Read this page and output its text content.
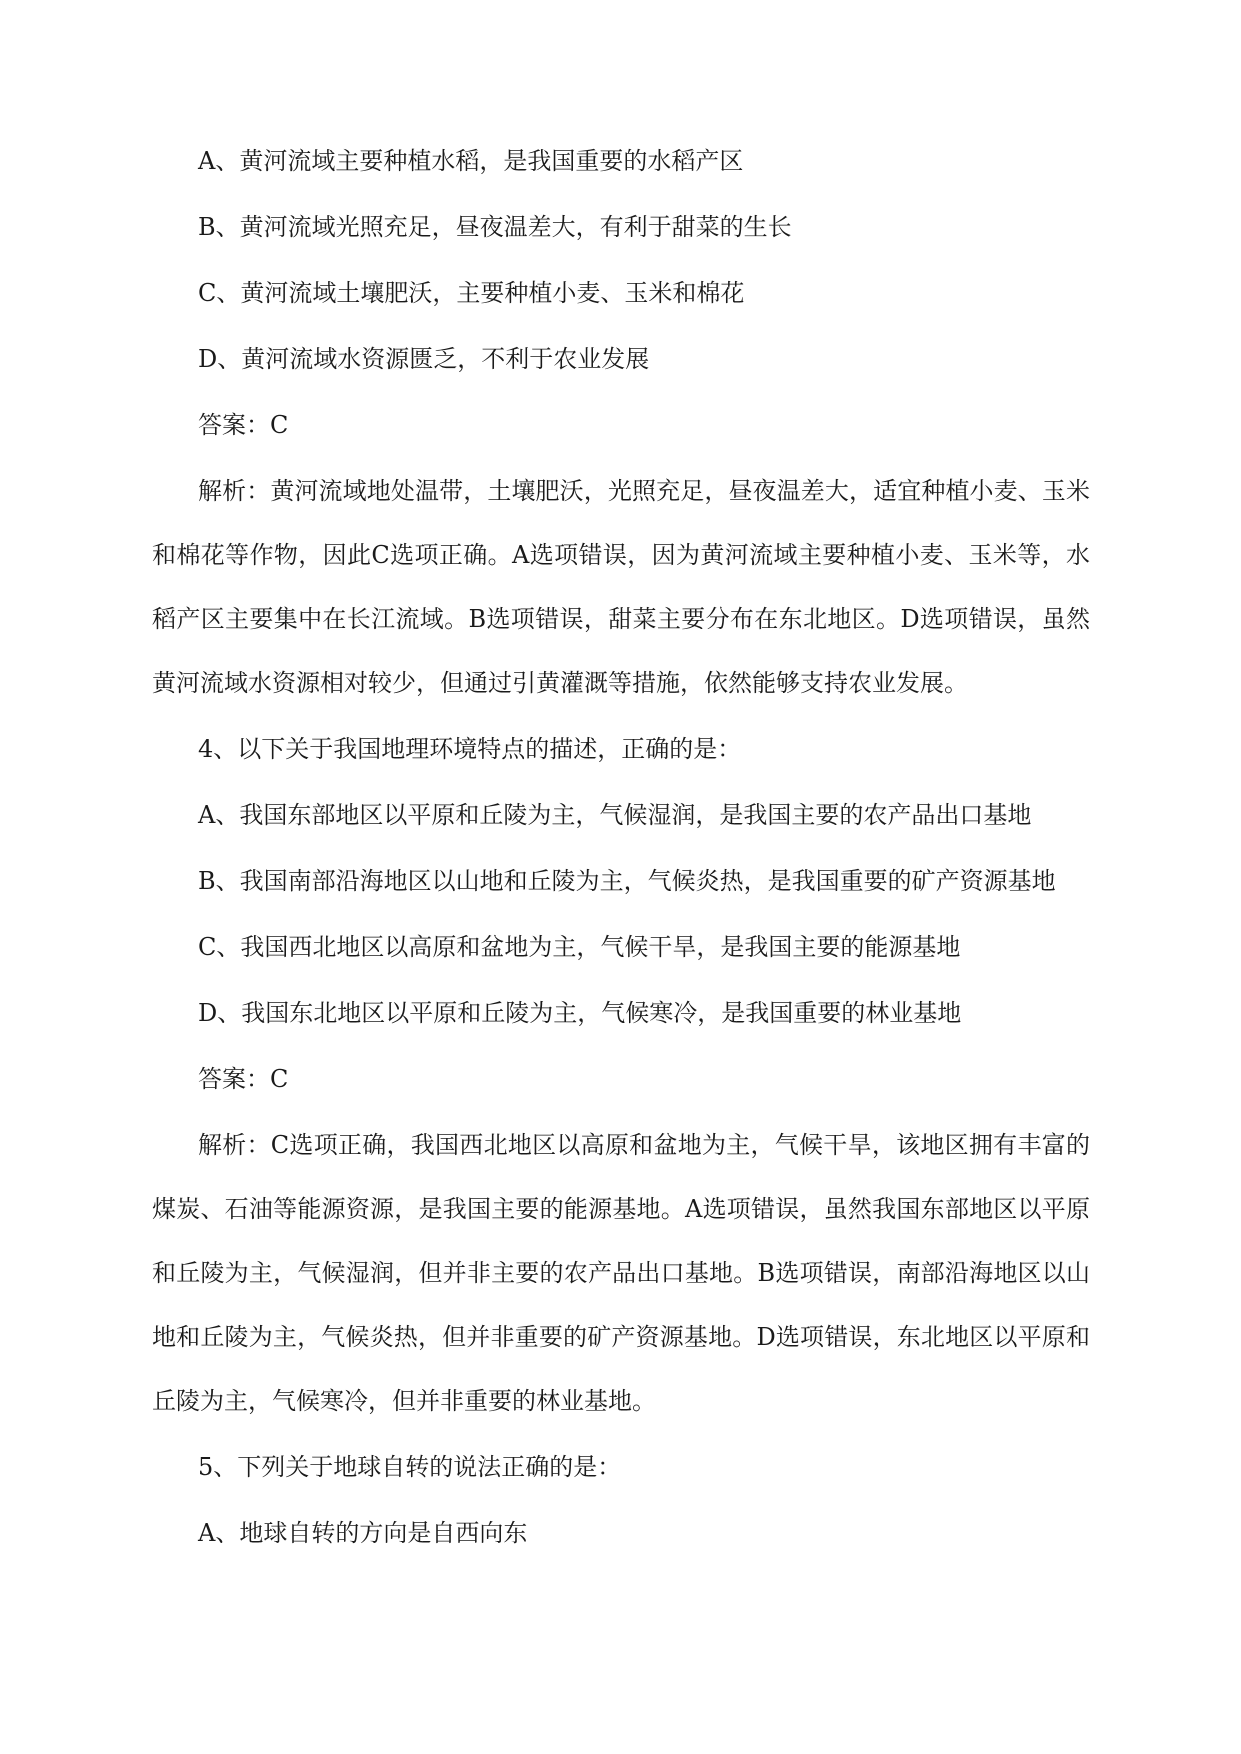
A、黄河流域主要种植水稻，是我国重要的水稻产区
B、黄河流域光照充足，昼夜温差大，有利于甜菜的生长
C、黄河流域土壤肥沃，主要种植小麦、玉米和棉花
D、黄河流域水资源匮乏，不利于农业发展
答案：C
解析：黄河流域地处温带，土壤肥沃，光照充足，昼夜温差大，适宜种植小麦、玉米和棉花等作物，因此C选项正确。A选项错误，因为黄河流域主要种植小麦、玉米等，水稻产区主要集中在长江流域。B选项错误，甜菜主要分布在东北地区。D选项错误，虽然黄河流域水资源相对较少，但通过引黄灌溉等措施，依然能够支持农业发展。
4、以下关于我国地理环境特点的描述，正确的是：
A、我国东部地区以平原和丘陵为主，气候湿润，是我国主要的农产品出口基地
B、我国南部沿海地区以山地和丘陵为主，气候炎热，是我国重要的矿产资源基地
C、我国西北地区以高原和盆地为主，气候干旱，是我国主要的能源基地
D、我国东北地区以平原和丘陵为主，气候寒冷，是我国重要的林业基地
答案：C
解析：C选项正确，我国西北地区以高原和盆地为主，气候干旱，该地区拥有丰富的煤炭、石油等能源资源，是我国主要的能源基地。A选项错误，虽然我国东部地区以平原和丘陵为主，气候湿润，但并非主要的农产品出口基地。B选项错误，南部沿海地区以山地和丘陵为主，气候炎热，但并非重要的矿产资源基地。D选项错误，东北地区以平原和丘陵为主，气候寒冷，但并非重要的林业基地。
5、下列关于地球自转的说法正确的是：
A、地球自转的方向是自西向东
